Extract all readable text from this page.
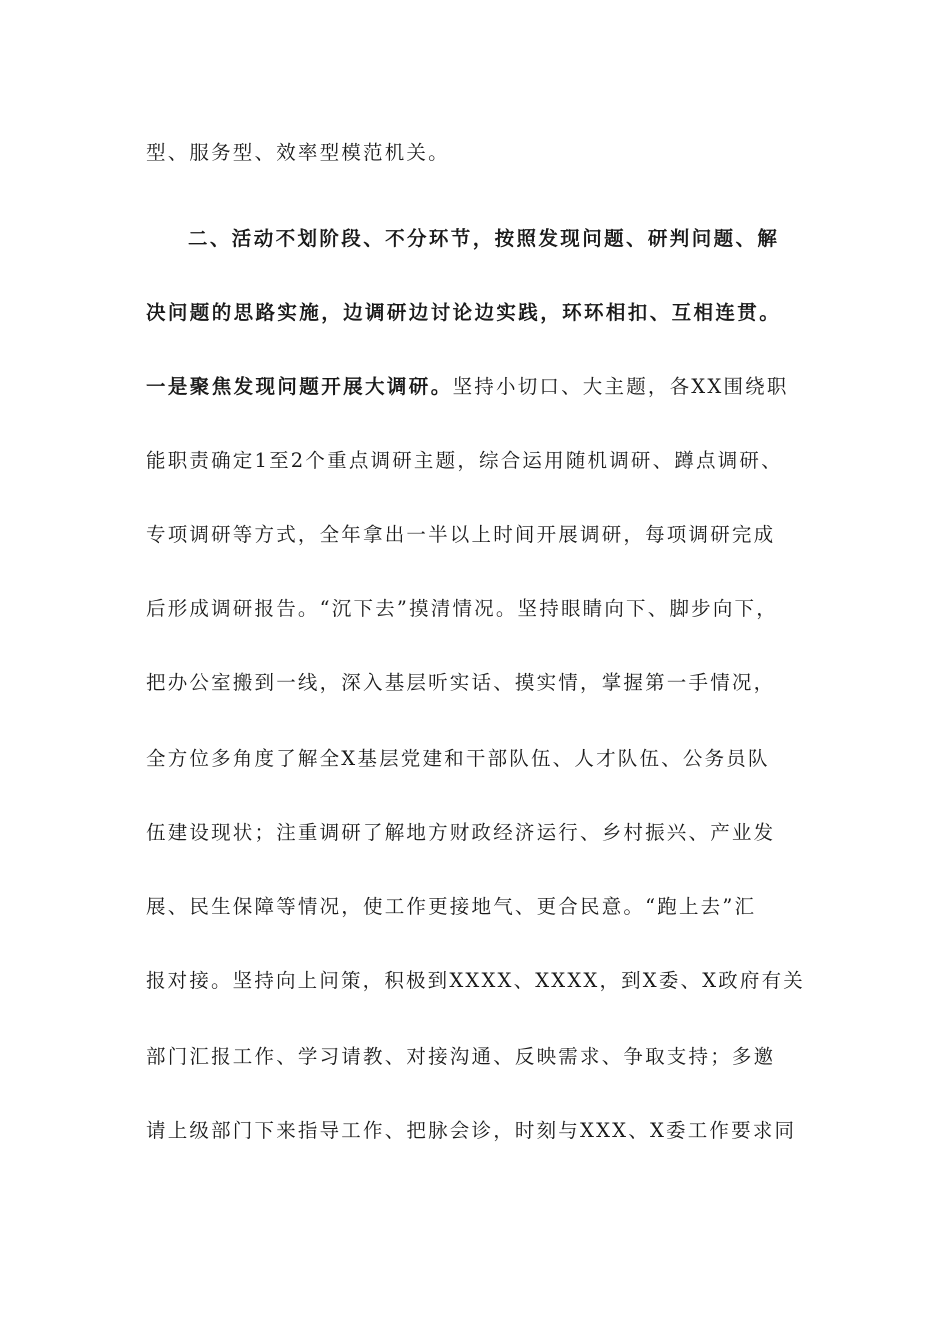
型、服务型、效率型模范机关。
二、活动不划阶段、不分环节，按照发现问题、研判问题、解
决问题的思路实施，边调研边讨论边实践，环环相扣、互相连贯。
一是聚焦发现问题开展大调研。坚持小切口、大主题，各XX围绕职
能职责确定1至2个重点调研主题，综合运用随机调研、蹲点调研、
专项调研等方式，全年拿出一半以上时间开展调研，每项调研完成
后形成调研报告。“沉下去”摸清情况。坚持眼睛向下、脚步向下，
把办公室搬到一线，深入基层听实话、摸实情，掌握第一手情况，
全方位多角度了解全X基层党建和干部队伍、人才队伍、公务员队
伍建设现状；注重调研了解地方财政经济运行、乡村振兴、产业发
展、民生保障等情况，使工作更接地气、更合民意。“跑上去”汇
报对接。坚持向上问策，积极到XXXX、XXXX，到X委、X政府有关
部门汇报工作、学习请教、对接沟通、反映需求、争取支持；多邀
请上级部门下来指导工作、把脉会诊，时刻与XXX、X委工作要求同
